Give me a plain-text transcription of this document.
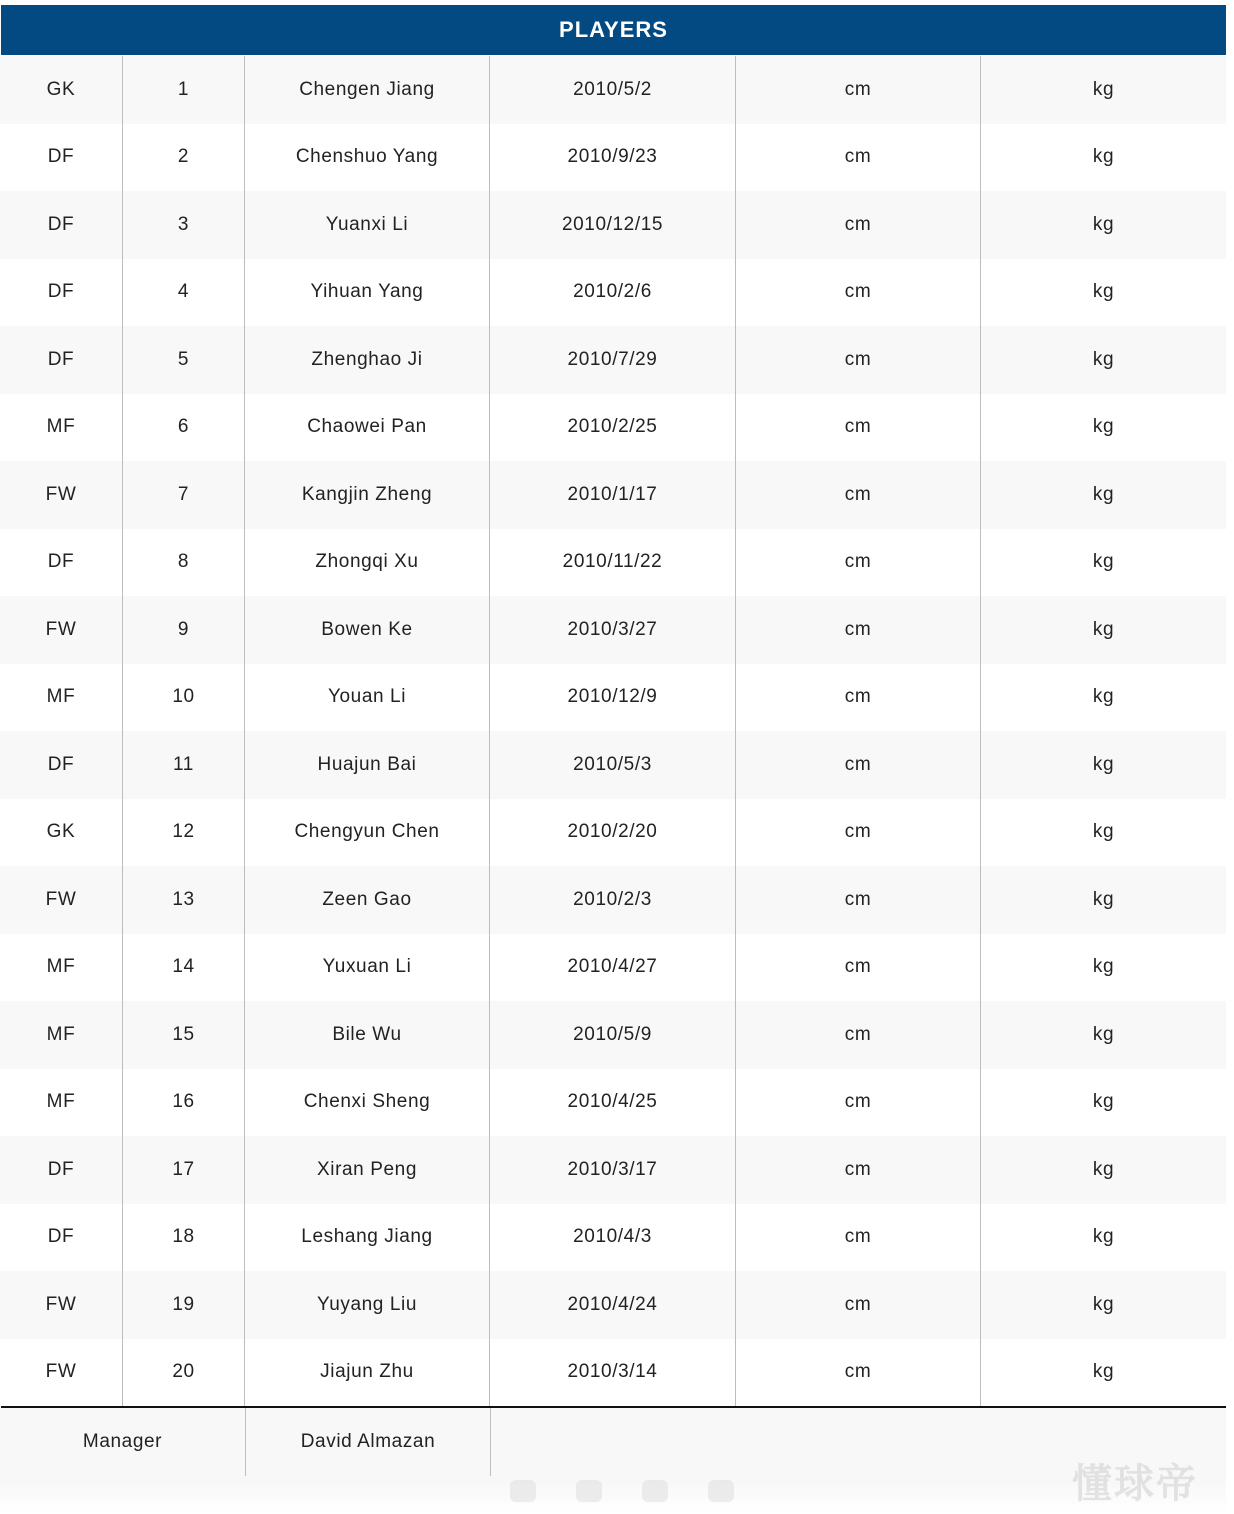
PLAYERS
GK	1	Chengen Jiang	2010/5/2	cm	kg
DF	2	Chenshuo Yang	2010/9/23	cm	kg
DF	3	Yuanxi Li	2010/12/15	cm	kg
DF	4	Yihuan Yang	2010/2/6	cm	kg
DF	5	Zhenghao Ji	2010/7/29	cm	kg
MF	6	Chaowei Pan	2010/2/25	cm	kg
FW	7	Kangjin Zheng	2010/1/17	cm	kg
DF	8	Zhongqi Xu	2010/11/22	cm	kg
FW	9	Bowen Ke	2010/3/27	cm	kg
MF	10	Youan Li	2010/12/9	cm	kg
DF	11	Huajun Bai	2010/5/3	cm	kg
GK	12	Chengyun Chen	2010/2/20	cm	kg
FW	13	Zeen Gao	2010/2/3	cm	kg
MF	14	Yuxuan Li	2010/4/27	cm	kg
MF	15	Bile Wu	2010/5/9	cm	kg
MF	16	Chenxi Sheng	2010/4/25	cm	kg
DF	17	Xiran Peng	2010/3/17	cm	kg
DF	18	Leshang Jiang	2010/4/3	cm	kg
FW	19	Yuyang Liu	2010/4/24	cm	kg
FW	20	Jiajun Zhu	2010/3/14	cm	kg
Manager	David Almazan
懂球帝
